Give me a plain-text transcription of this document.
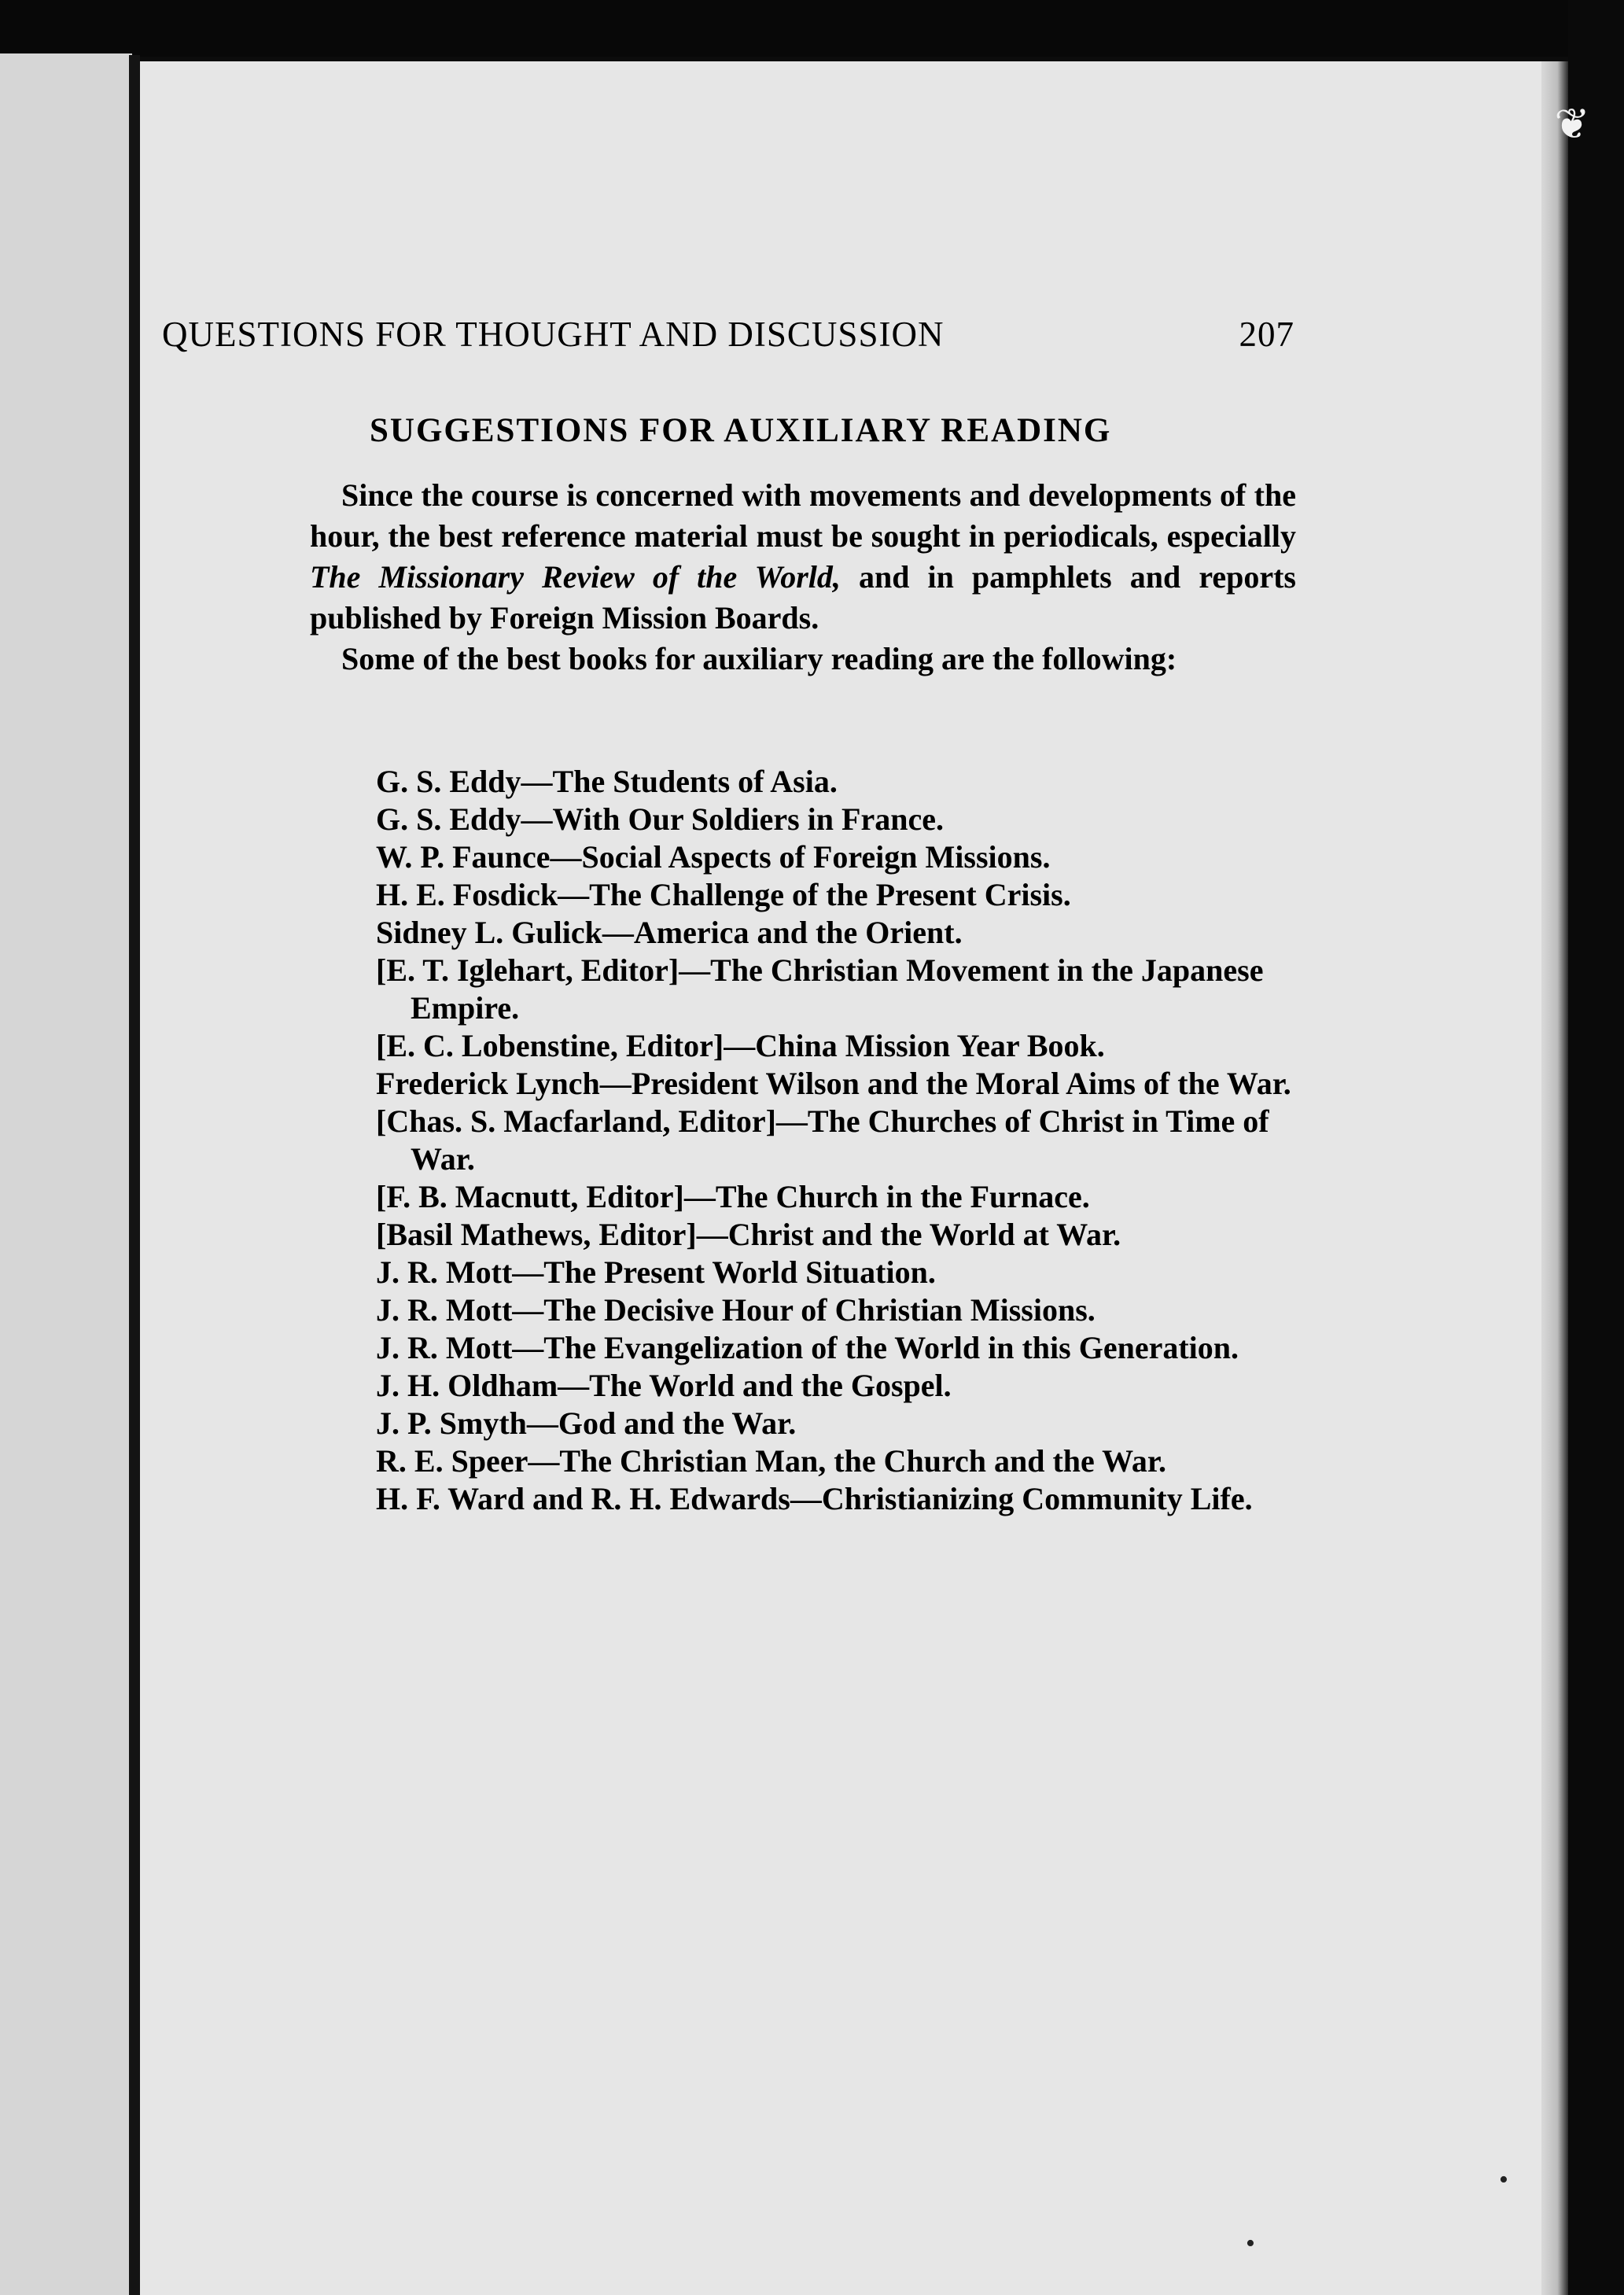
❦
•
•
QUESTIONS FOR THOUGHT AND DISCUSSION	207
SUGGESTIONS FOR AUXILIARY READING

Since the course is concerned with movements and developments of the hour, the best reference material must be sought in periodicals, especially The Missionary Review of the World, and in pamphlets and reports published by Foreign Mission Boards.

Some of the best books for auxiliary reading are the following:

G. S. Eddy—The Students of Asia.
G. S. Eddy—With Our Soldiers in France.
W. P. Faunce—Social Aspects of Foreign Missions.
H. E. Fosdick—The Challenge of the Present Crisis.
Sidney L. Gulick—America and the Orient.
[E. T. Iglehart, Editor]—The Christian Movement in the Japanese Empire.
[E. C. Lobenstine, Editor]—China Mission Year Book.
Frederick Lynch—President Wilson and the Moral Aims of the War.
[Chas. S. Macfarland, Editor]—The Churches of Christ in Time of War.
[F. B. Macnutt, Editor]—The Church in the Furnace.
[Basil Mathews, Editor]—Christ and the World at War.
J. R. Mott—The Present World Situation.
J. R. Mott—The Decisive Hour of Christian Missions.
J. R. Mott—The Evangelization of the World in this Generation.
J. H. Oldham—The World and the Gospel.
J. P. Smyth—God and the War.
R. E. Speer—The Christian Man, the Church and the War.
H. F. Ward and R. H. Edwards—Christianizing Community Life.
